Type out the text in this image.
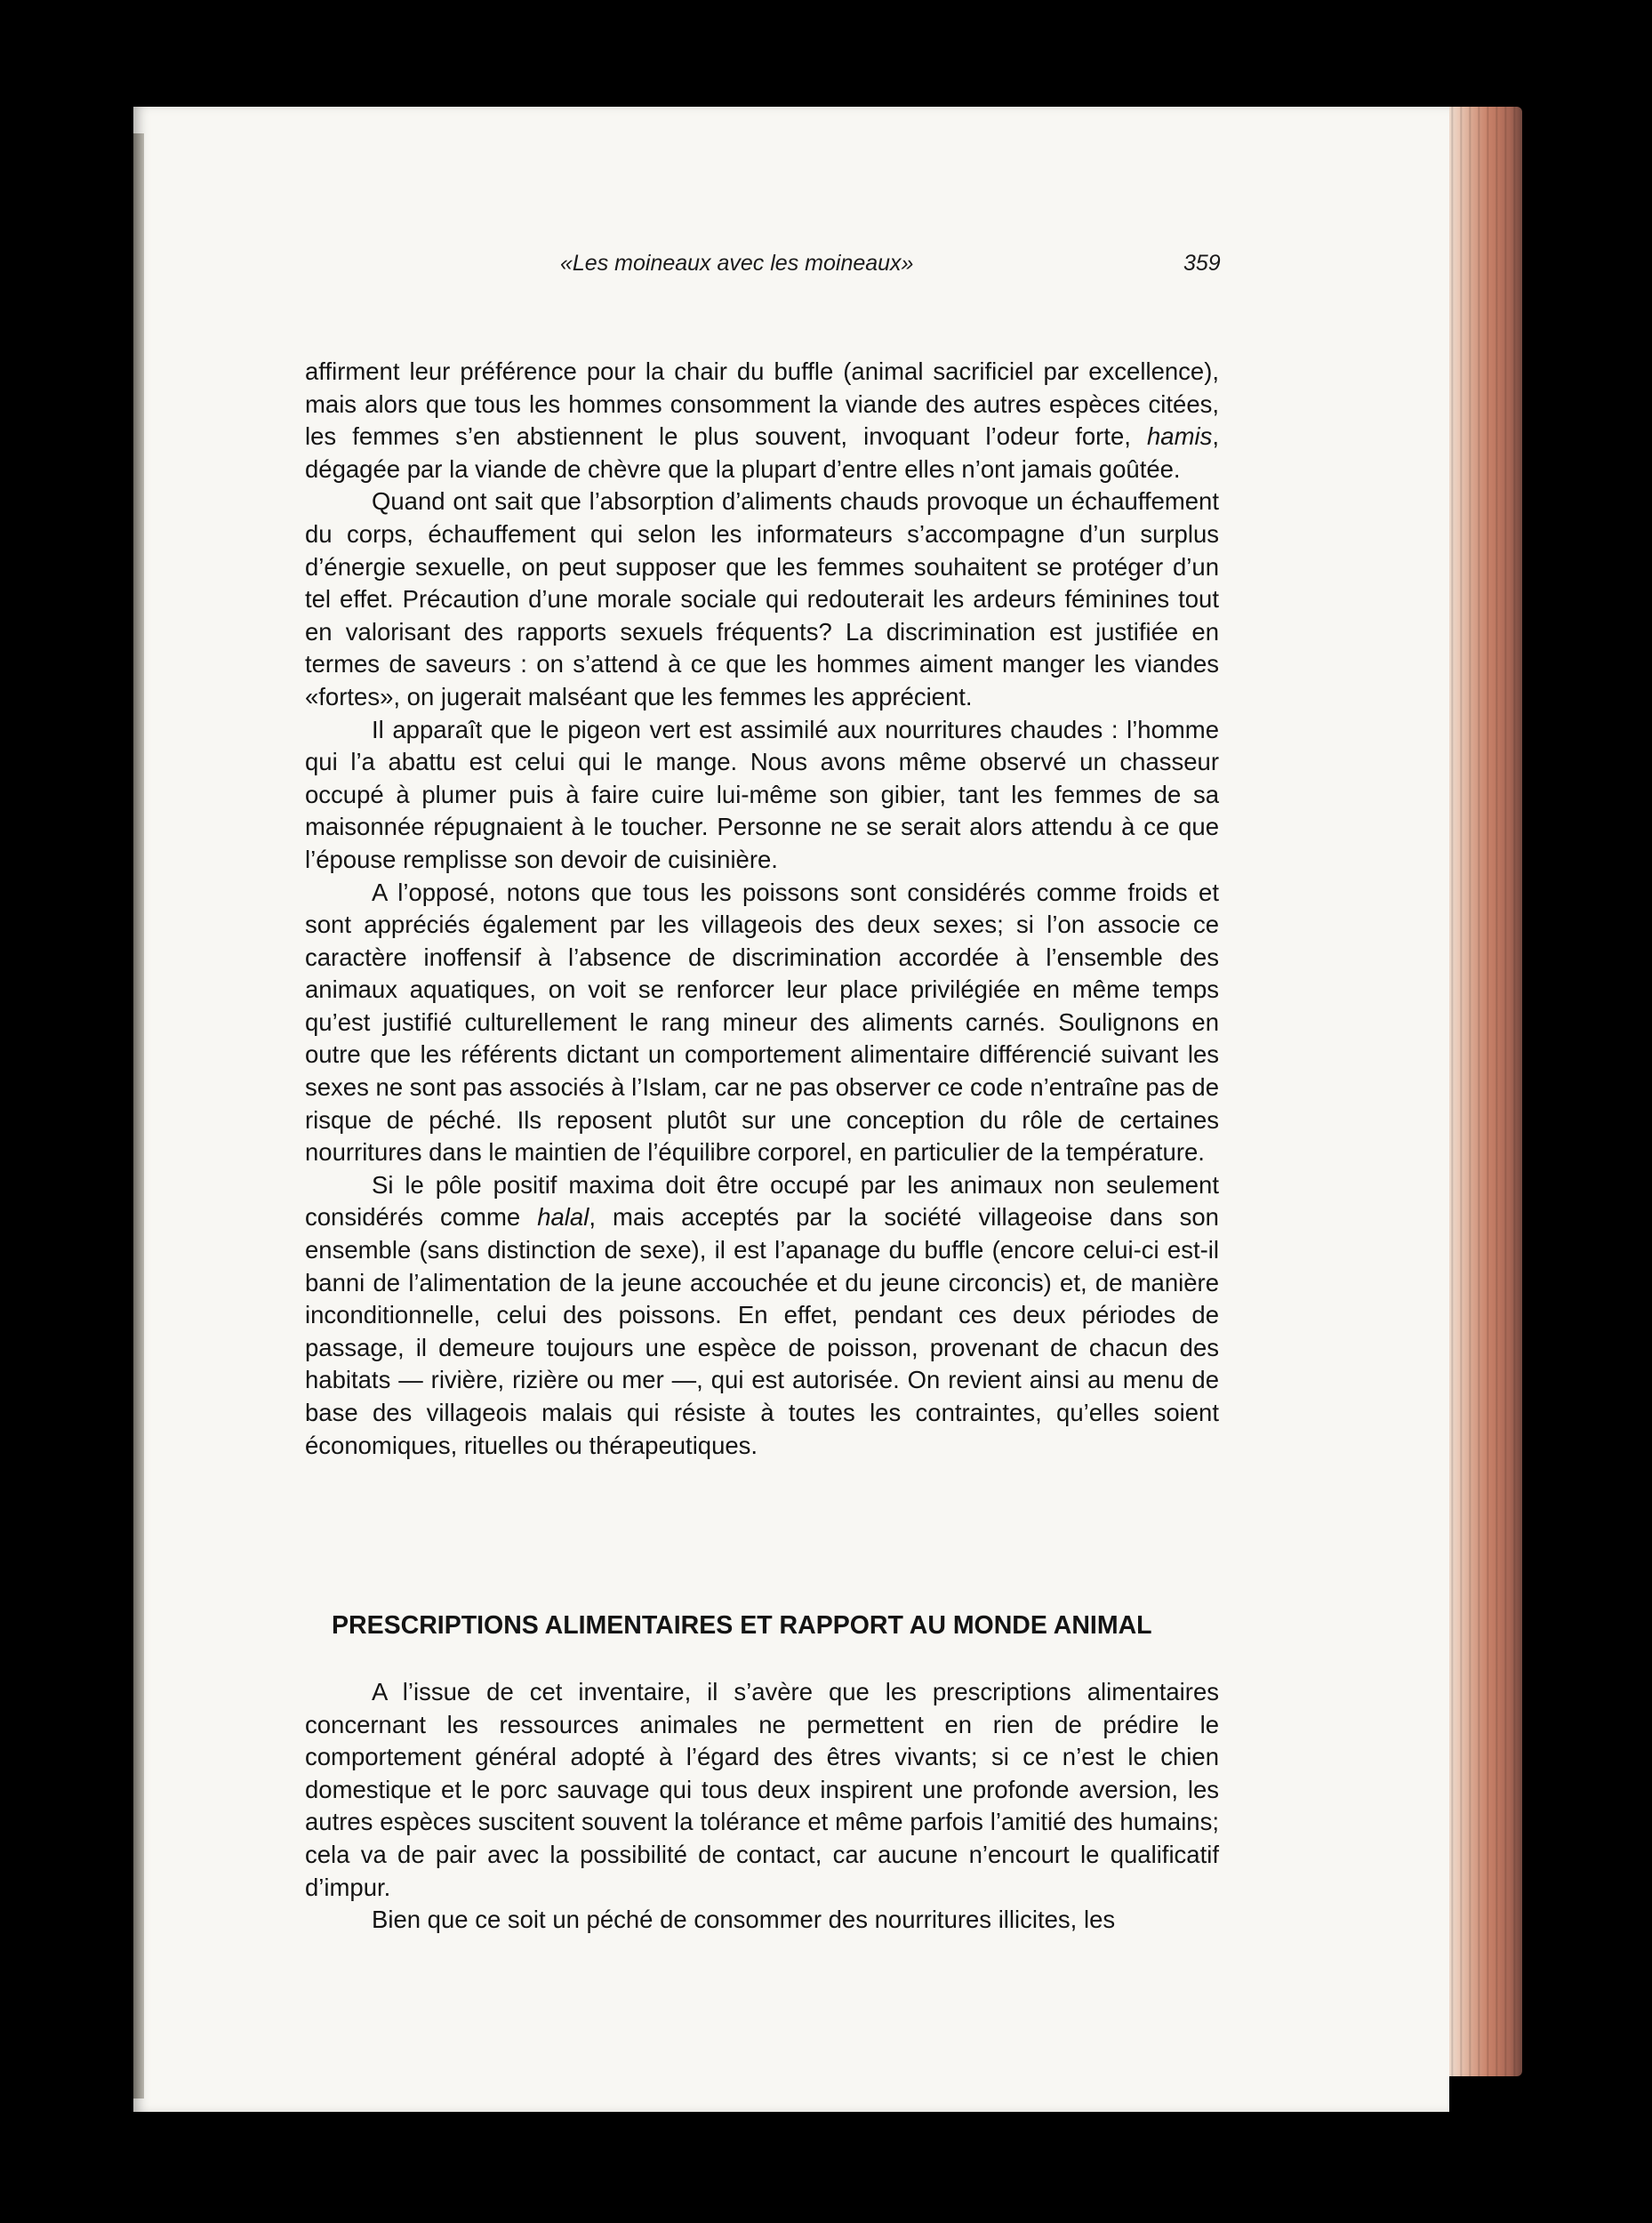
«Les moineaux avec les moineaux»	359

affirment leur préférence pour la chair du buffle (animal sacrificiel par excellence), mais alors que tous les hommes consomment la viande des autres espèces citées, les femmes s’en abstiennent le plus souvent, invoquant l’odeur forte, hamis, dégagée par la viande de chèvre que la plupart d’entre elles n’ont jamais goûtée.

Quand ont sait que l’absorption d’aliments chauds provoque un échauffement du corps, échauffement qui selon les informateurs s’accompagne d’un surplus d’énergie sexuelle, on peut supposer que les femmes souhaitent se protéger d’un tel effet. Précaution d’une morale sociale qui redouterait les ardeurs féminines tout en valorisant des rapports sexuels fréquents? La discrimination est justifiée en termes de saveurs : on s’attend à ce que les hommes aiment manger les viandes «fortes», on jugerait malséant que les femmes les apprécient.

Il apparaît que le pigeon vert est assimilé aux nourritures chaudes : l’homme qui l’a abattu est celui qui le mange. Nous avons même observé un chasseur occupé à plumer puis à faire cuire lui-même son gibier, tant les femmes de sa maisonnée répugnaient à le toucher. Personne ne se serait alors attendu à ce que l’épouse remplisse son devoir de cuisinière.

A l’opposé, notons que tous les poissons sont considérés comme froids et sont appréciés également par les villageois des deux sexes; si l’on associe ce caractère inoffensif à l’absence de discrimination accordée à l’ensemble des animaux aquatiques, on voit se renforcer leur place privilégiée en même temps qu’est justifié culturellement le rang mineur des aliments carnés. Soulignons en outre que les référents dictant un comportement alimentaire différencié suivant les sexes ne sont pas associés à l’Islam, car ne pas observer ce code n’entraîne pas de risque de péché. Ils reposent plutôt sur une conception du rôle de certaines nourritures dans le maintien de l’équilibre corporel, en particulier de la température.

Si le pôle positif maxima doit être occupé par les animaux non seulement considérés comme halal, mais acceptés par la société villageoise dans son ensemble (sans distinction de sexe), il est l’apanage du buffle (encore celui-ci est-il banni de l’alimentation de la jeune accouchée et du jeune circoncis) et, de manière inconditionnelle, celui des poissons. En effet, pendant ces deux périodes de passage, il demeure toujours une espèce de poisson, provenant de chacun des habitats — rivière, rizière ou mer —, qui est autorisée. On revient ainsi au menu de base des villageois malais qui résiste à toutes les contraintes, qu’elles soient économiques, rituelles ou thérapeutiques.

PRESCRIPTIONS ALIMENTAIRES ET RAPPORT AU MONDE ANIMAL

A l’issue de cet inventaire, il s’avère que les prescriptions alimentaires concernant les ressources animales ne permettent en rien de prédire le comportement général adopté à l’égard des êtres vivants; si ce n’est le chien domestique et le porc sauvage qui tous deux inspirent une profonde aversion, les autres espèces suscitent souvent la tolérance et même parfois l’amitié des humains; cela va de pair avec la possibilité de contact, car aucune n’encourt le qualificatif d’impur.

Bien que ce soit un péché de consommer des nourritures illicites, les
